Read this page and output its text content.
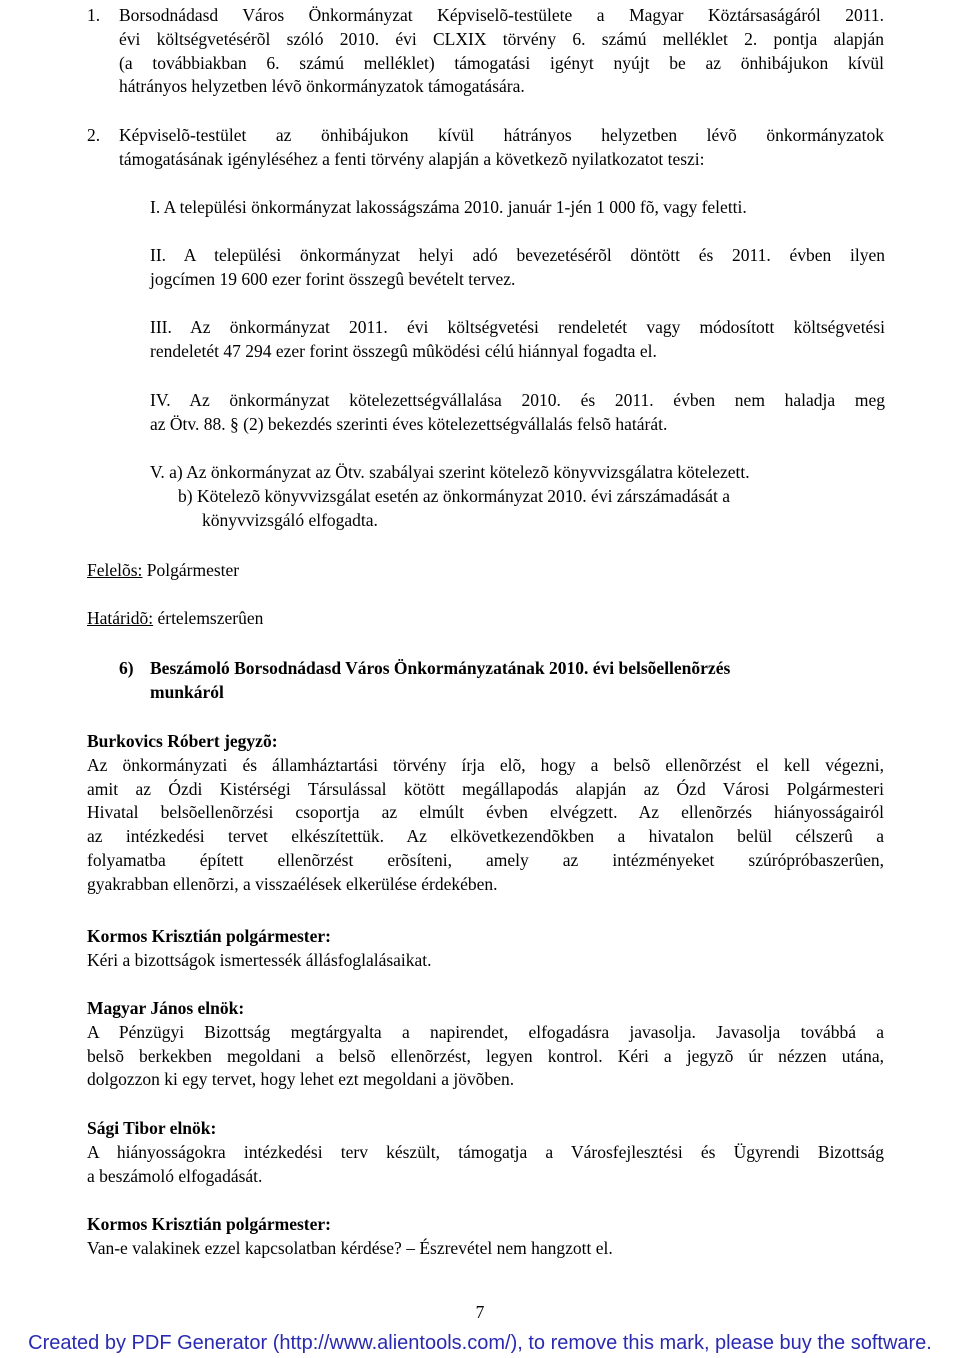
1. Borsodnádasd Város Önkormányzat Képviselõ-testülete a Magyar Köztársaságáról 2011.
évi költségvetésérõl szóló 2010. évi CLXIX törvény 6. számú melléklet 2. pontja alapján
(a továbbiakban 6. számú melléklet) támogatási igényt nyújt be az önhibájukon kívül
hátrányos helyzetben lévõ önkormányzatok támogatására.
2. Képviselõ-testület az önhibájukon kívül hátrányos helyzetben lévõ önkormányzatok
támogatásának igényléséhez a fenti törvény alapján a következõ nyilatkozatot teszi:
I. A települési önkormányzat lakosságszáma 2010. január 1-jén 1 000 fõ, vagy feletti.
II. A települési önkormányzat helyi adó bevezetésérõl döntött és 2011. évben ilyen
jogcímen 19 600 ezer forint összegû bevételt tervez.
III. Az önkormányzat 2011. évi költségvetési rendeletét vagy módosított költségvetési
rendeletét 47 294 ezer forint összegû mûködési célú hiánnyal fogadta el.
IV. Az önkormányzat kötelezettségvállalása 2010. és 2011. évben nem haladja meg
az Ötv. 88. § (2) bekezdés szerinti éves kötelezettségvállalás felsõ határát.
V. a) Az önkormányzat az Ötv. szabályai szerint kötelezõ könyvvizsgálatra kötelezett.
b) Kötelezõ könyvvizsgálat esetén az önkormányzat 2010. évi zárszámadását a
könyvvizsgáló elfogadta.
Felelõs: Polgármester
Határidõ: értelemszerûen
6) Beszámoló Borsodnádasd Város Önkormányzatának 2010. évi belsõellenõrzés
munkáról
Burkovics Róbert jegyzõ:
Az önkormányzati és államháztartási törvény írja elõ, hogy a belsõ ellenõrzést el kell végezni,
amit az Ózdi Kistérségi Társulással kötött megállapodás alapján az Ózd Városi Polgármesteri
Hivatal belsõellenõrzési csoportja az elmúlt évben elvégzett. Az ellenõrzés hiányosságairól
az intézkedési tervet elkészítettük. Az elkövetkezendõkben a hivatalon belül célszerû a
folyamatba épített ellenõrzést erõsíteni, amely az intézményeket szúrópróbaszerûen,
gyakrabban ellenõrzi, a visszaélések elkerülése érdekében.
Kormos Krisztián polgármester:
Kéri a bizottságok ismertessék állásfoglalásaikat.
Magyar János elnök:
A Pénzügyi Bizottság megtárgyalta a napirendet, elfogadásra javasolja. Javasolja továbbá a
belsõ berkekben megoldani a belsõ ellenõrzést, legyen kontrol. Kéri a jegyzõ úr nézzen utána,
dolgozzon ki egy tervet, hogy lehet ezt megoldani a jövõben.
Sági Tibor elnök:
A hiányosságokra intézkedési terv készült, támogatja a Városfejlesztési és Ügyrendi Bizottság
a beszámoló elfogadását.
Kormos Krisztián polgármester:
Van-e valakinek ezzel kapcsolatban kérdése? – Észrevétel nem hangzott el.
7
Created by PDF Generator (http://www.alientools.com/), to remove this mark, please buy the software.
